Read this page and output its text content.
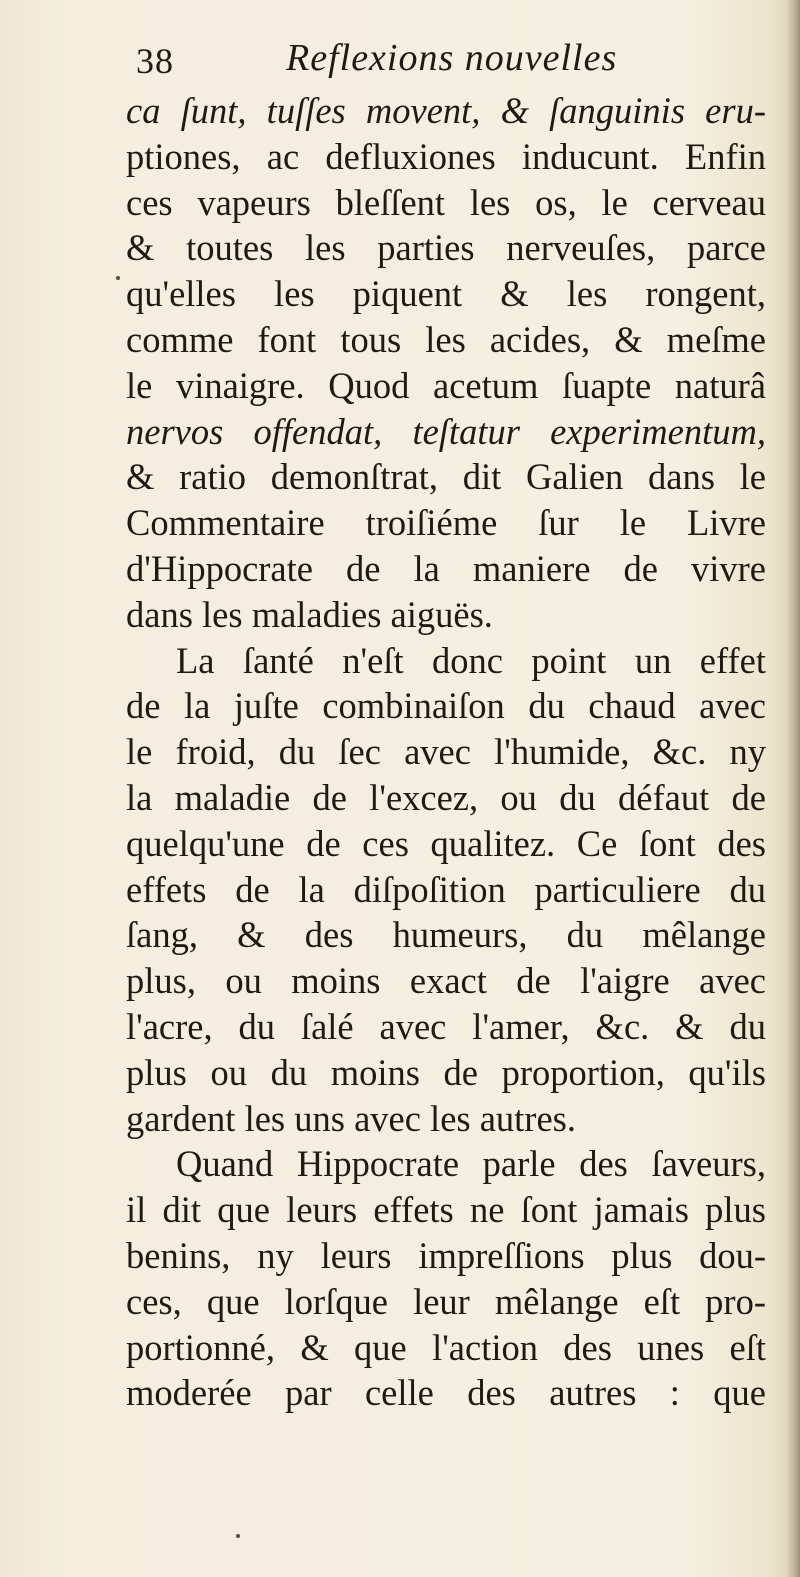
38	Reflexions nouvelles
ca ſunt, tuſſes movent, & ſanguinis eru-
ptiones, ac defluxiones inducunt. Enfin
ces vapeurs bleſſent les os, le cerveau
& toutes les parties nerveuſes, parce
qu'elles les piquent & les rongent,
comme font tous les acides, & meſme
le vinaigre. Quod acetum ſuapte naturâ
nervos offendat, teſtatur experimentum,
& ratio demonſtrat, dit Galien dans le
Commentaire troiſiéme ſur le Livre
d'Hippocrate de la maniere de vivre
dans les maladies aiguës.
La ſanté n'eſt donc point un effet
de la juſte combinaiſon du chaud avec
le froid, du ſec avec l'humide, &c. ny
la maladie de l'excez, ou du défaut de
quelqu'une de ces qualitez. Ce ſont des
effets de la diſpoſition particuliere du
ſang, & des humeurs, du mêlange
plus, ou moins exact de l'aigre avec
l'acre, du ſalé avec l'amer, &c. & du
plus ou du moins de proportion, qu'ils
gardent les uns avec les autres.
Quand Hippocrate parle des ſaveurs,
il dit que leurs effets ne ſont jamais plus
benins, ny leurs impreſſions plus dou-
ces, que lorſque leur mêlange eſt pro-
portionné, & que l'action des unes eſt
moderée par celle des autres : que
